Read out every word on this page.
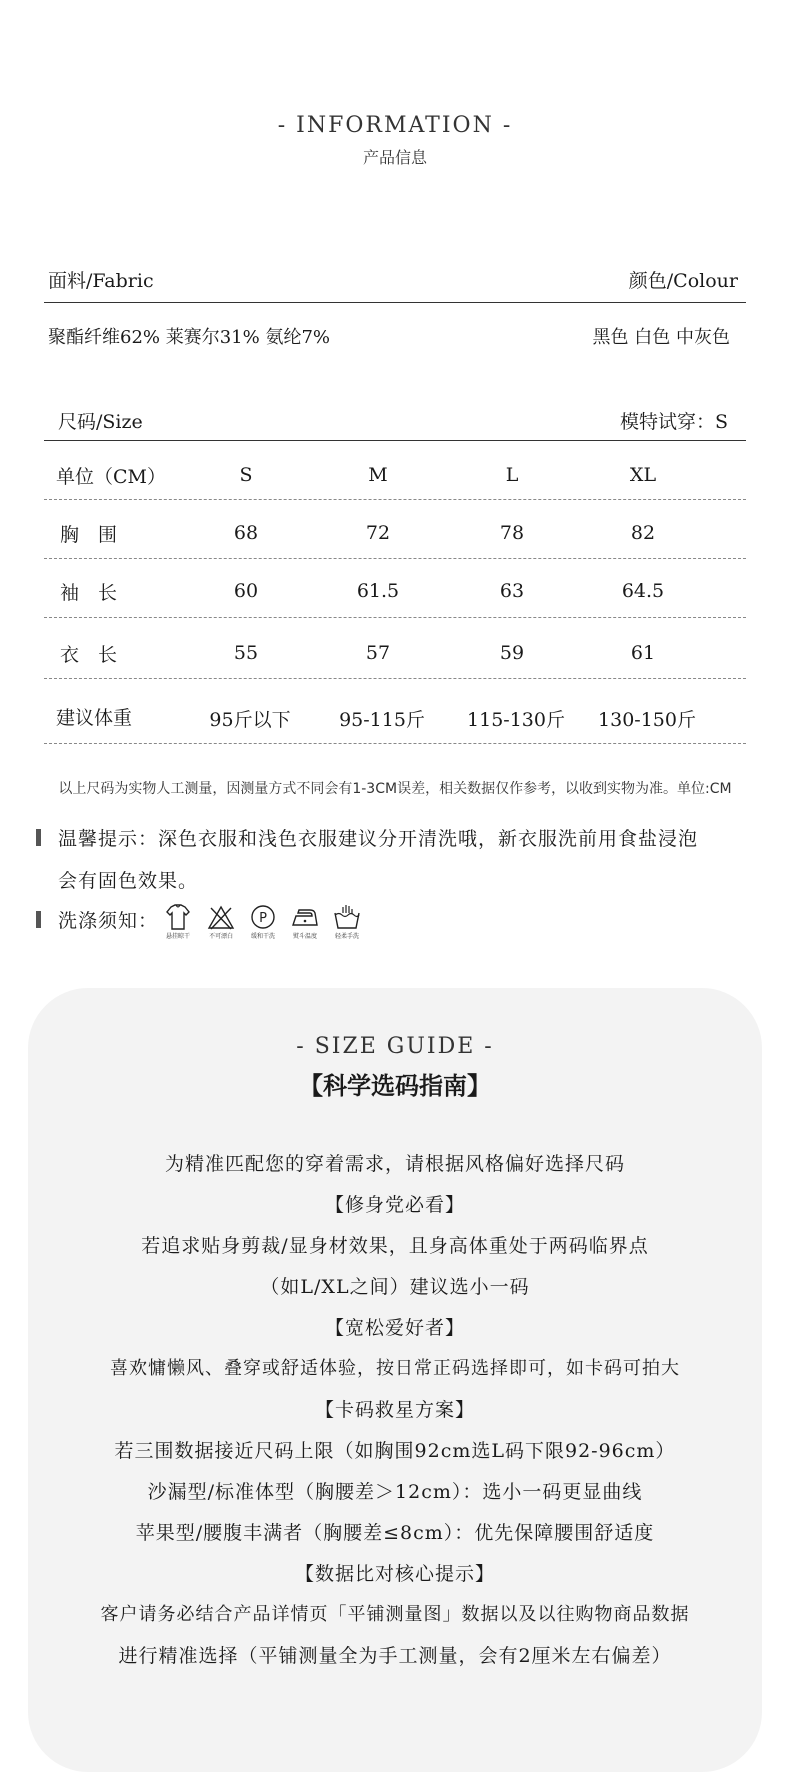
- INFORMATION -
产品信息
面料/Fabric	颜色/Colour
聚酯纤维62% 莱赛尔31% 氨纶7%	黑色 白色 中灰色
尺码/Size	模特试穿：S
单位（CM）	S	M	L	XL
胸　围	68	72	78	82
袖　长	60	61.5	63	64.5
衣　长	55	57	59	61
建议体重	95斤以下	95-115斤	115-130斤	130-150斤
以上尺码为实物人工测量，因测量方式不同会有1-3CM误差，相关数据仅作参考，以收到实物为准。单位:CM
温馨提示：深色衣服和浅色衣服建议分开清洗哦，新衣服洗前用食盐浸泡
会有固色效果。
洗涤须知：
悬挂晾干	不可漂白
P
缓和干洗	熨斗温度	轻柔手洗
- SIZE GUIDE -
【科学选码指南】
为精准匹配您的穿着需求，请根据风格偏好选择尺码
【修身党必看】
若追求贴身剪裁/显身材效果，且身高体重处于两码临界点
（如L/XL之间）建议选小一码
【宽松爱好者】
喜欢慵懒风、叠穿或舒适体验，按日常正码选择即可，如卡码可拍大
【卡码救星方案】
若三围数据接近尺码上限（如胸围92cm选L码下限92-96cm）
沙漏型/标准体型（胸腰差＞12cm）：选小一码更显曲线
苹果型/腰腹丰满者（胸腰差≤8cm）：优先保障腰围舒适度
【数据比对核心提示】
客户请务必结合产品详情页「平铺测量图」数据以及以往购物商品数据
进行精准选择（平铺测量全为手工测量，会有2厘米左右偏差）
